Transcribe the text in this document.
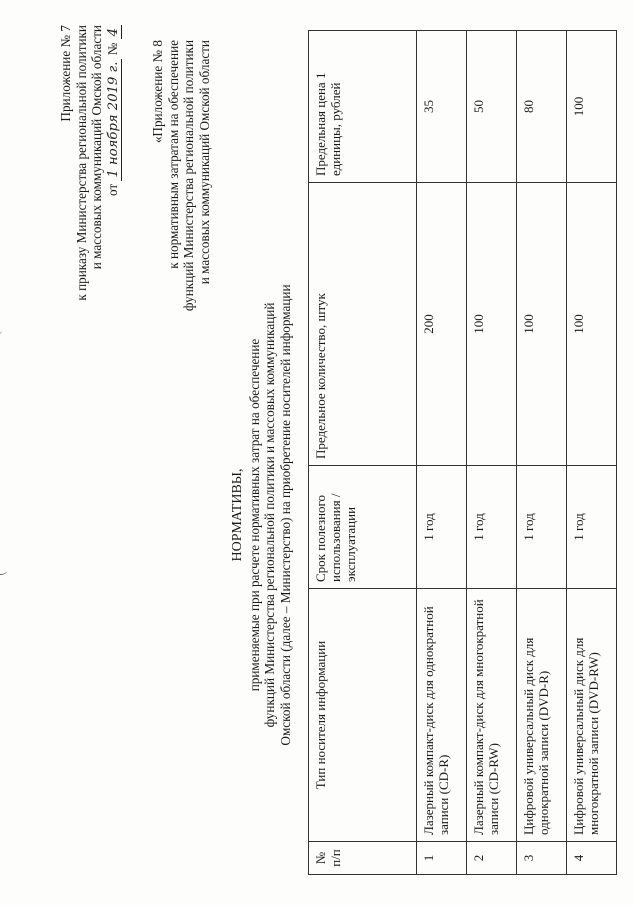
Приложение № 7 к приказу Министерства региональной политики и массовых коммуникаций Омской области от 1 ноября 2019 г. № 4
«Приложение № 8 к нормативным затратам на обеспечение функций Министерства региональной политики и массовых коммуникаций Омской области
НОРМАТИВЫ, применяемые при расчете нормативных затрат на обеспечение функций Министерства региональной политики и массовых коммуникаций Омской области (далее – Министерство) на приобретение носителей информации
№ п/п	Тип носителя информации	Срок полезного использования / эксплуатации	Предельное количество, штук	Предельная цена 1 единицы, рублей
1	Лазерный компакт-диск для однократной записи (CD-R)	1 год	200	35
2	Лазерный компакт-диск для многократной записи (CD-RW)	1 год	100	50
3	Цифровой универсальный диск для однократной записи (DVD-R)	1 год	100	80
4	Цифровой универсальный диск для многократной записи (DVD-RW)	1 год	100	100
